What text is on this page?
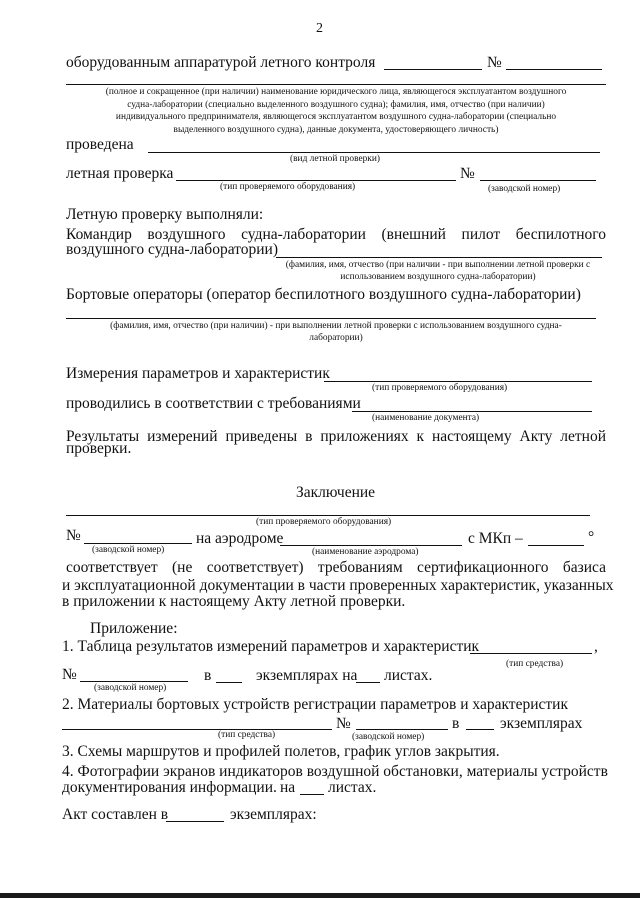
2
оборудованным аппаратурой летного контроля	№
(полное и сокращенное (при наличии) наименование юридического лица, являющегося эксплуатантом воздушного
судна-лаборатории (специально выделенного воздушного судна); фамилия, имя, отчество (при наличии)
индивидуального предпринимателя, являющегося эксплуатантом воздушного судна-лаборатории (специально
выделенного воздушного судна), данные документа, удостоверяющего личность)
проведена
(вид летной проверки)
летная проверка	№
(тип проверяемого оборудования)	(заводской номер)
Летную проверку выполняли:
Командир воздушного судна-лаборатории (внешний пилот беспилотного
воздушного судна-лаборатории)
(фамилия, имя, отчество (при наличии - при выполнении летной проверки с
использованием воздушного судна-лаборатории)
Бортовые операторы (оператор беспилотного воздушного судна-лаборатории)
(фамилия, имя, отчество (при наличии) - при выполнении летной проверки с использованием воздушного судна-
лаборатории)
Измерения параметров и характеристик
(тип проверяемого оборудования)
проводились в соответствии с требованиями
(наименование документа)
Результаты измерений приведены в приложениях к настоящему Акту летной
проверки.
Заключение
(тип проверяемого оборудования)
№	на аэродроме	с МКп –	°
(заводской номер)	(наименование аэродрома)
соответствует (не соответствует) требованиям сертификационного базиса
и эксплуатационной документации в части проверенных характеристик, указанных
в приложении к настоящему Акту летной проверки.
Приложение:
1. Таблица результатов измерений параметров и характеристик	,
(тип средства)
№	в	экземплярах на листах.
(заводской номер)
2. Материалы бортовых устройств регистрации параметров и характеристик
№	в	экземплярах
(тип средства)	(заводской номер)
3. Схемы маршрутов и профилей полетов, график углов закрытия.
4. Фотографии экранов индикаторов воздушной обстановки, материалы устройств
документирования информации. на листах.
Акт составлен в	экземплярах:
